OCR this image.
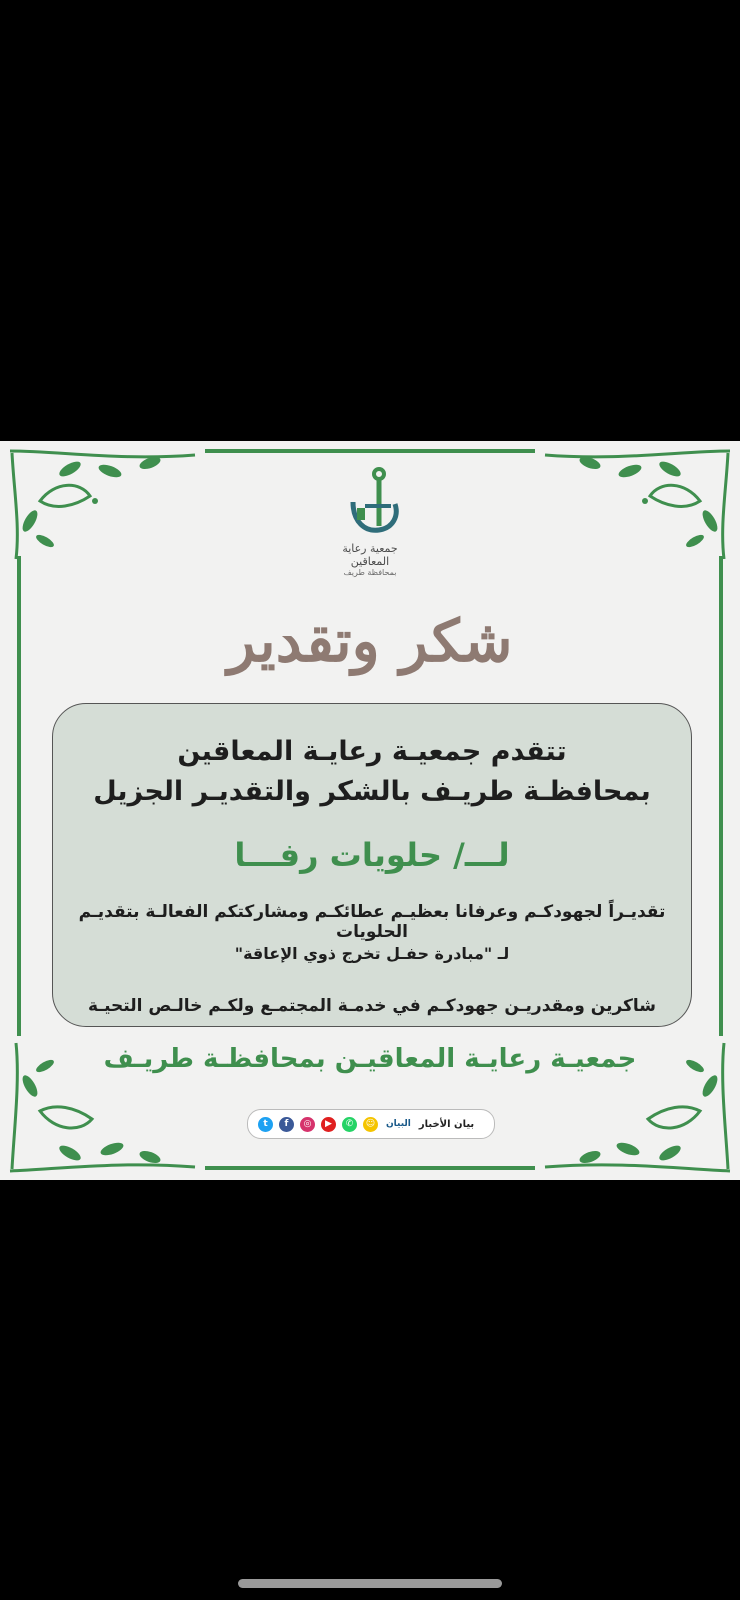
جمعية رعاية المعاقين
بمحافظة طريف
شكر وتقدير
تتقدم جمعيـة رعايـة المعاقين
بمحافظـة طريـف بالشكر والتقديـر الجزيل
لـــ/ حلويات رفـــا
تقديـراً لجهودكـم وعرفانا بعظيـم عطائكـم ومشاركتكم الفعالـة بتقديـم الحلويات
لـ "مبادرة حفـل تخرج ذوي الإعاقة"
شاكرين ومقدريـن جهودكـم في خدمـة المجتمـع ولكـم خالـص التحيـة
جمعيـة رعايـة المعاقيـن بمحافظـة طريـف
t	f	◎	▶	✆	☺	البيان بيان الأخبار
